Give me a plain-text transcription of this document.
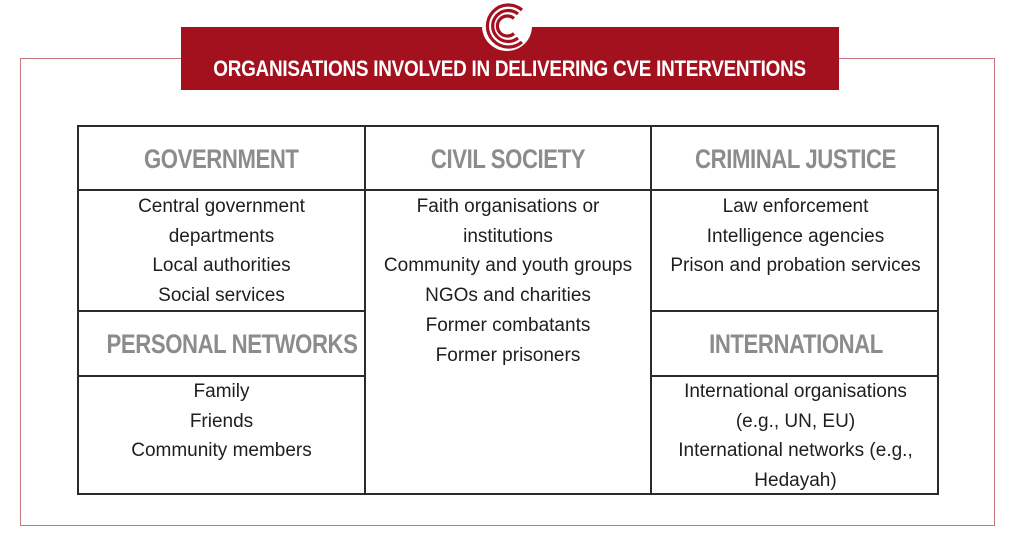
ORGANISATIONS INVOLVED IN DELIVERING CVE INTERVENTIONS
GOVERNMENT
Central government
departments
Local authorities
Social services
CIVIL SOCIETY
Faith organisations or
institutions
Community and youth groups
NGOs and charities
Former combatants
Former prisoners
CRIMINAL JUSTICE
Law enforcement
Intelligence agencies
Prison and probation services
PERSONAL NETWORKS
Family
Friends
Community members
INTERNATIONAL
International organisations
(e.g., UN, EU)
International networks (e.g.,
Hedayah)
